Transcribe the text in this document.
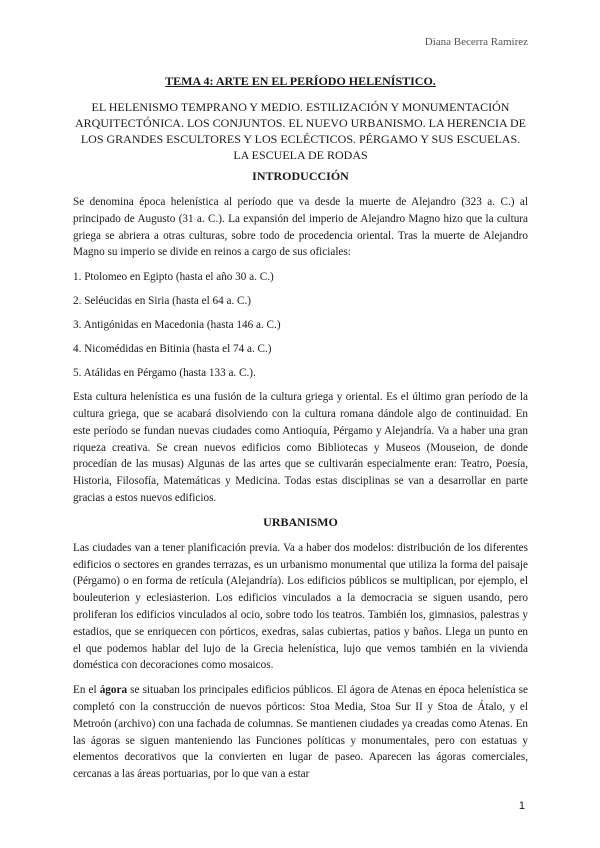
Diana Becerra Ramírez
TEMA 4: ARTE EN EL PERÍODO HELENÍSTICO.
EL HELENISMO TEMPRANO Y MEDIO. ESTILIZACIÓN Y MONUMENTACIÓN ARQUITECTÓNICA. LOS CONJUNTOS. EL NUEVO URBANISMO. LA HERENCIA DE LOS GRANDES ESCULTORES Y LOS ECLÉCTICOS. PÉRGAMO Y SUS ESCUELAS. LA ESCUELA DE RODAS
INTRODUCCIÓN

Se denomina época helenística al período que va desde la muerte de Alejandro (323 a. C.) al principado de Augusto (31 a. C.). La expansión del imperio de Alejandro Magno hizo que la cultura griega se abriera a otras culturas, sobre todo de procedencia oriental. Tras la muerte de Alejandro Magno su imperio se divide en reinos a cargo de sus oficiales:

1. Ptolomeo en Egipto (hasta el año 30 a. C.)
2. Seléucidas en Siria (hasta el 64 a. C.)
3. Antigónidas en Macedonia (hasta 146 a. C.)
4. Nicomédidas en Bitinia (hasta el 74 a. C.)
5. Atálidas en Pérgamo (hasta 133 a. C.).

Esta cultura helenística es una fusión de la cultura griega y oriental. Es el último gran período de la cultura griega, que se acabará disolviendo con la cultura romana dándole algo de continuidad. En este período se fundan nuevas ciudades como Antioquía, Pérgamo y Alejandría. Va a haber una gran riqueza creativa. Se crean nuevos edificios como Bibliotecas y Museos (Mouseion, de donde procedían de las musas) Algunas de las artes que se cultivarán especialmente eran: Teatro, Poesía, Historia, Filosofía, Matemáticas y Medicina. Todas estas disciplinas se van a desarrollar en parte gracias a estos nuevos edificios.

URBANISMO

Las ciudades van a tener planificación previa. Va a haber dos modelos: distribución de los diferentes edificios o sectores en grandes terrazas, es un urbanismo monumental que utiliza la forma del paisaje (Pérgamo) o en forma de retícula (Alejandría). Los edificios públicos se multiplican, por ejemplo, el bouleuterion y eclesiasterion. Los edificios vinculados a la democracia se siguen usando, pero proliferan los edificios vinculados al ocio, sobre todo los teatros. También los, gimnasios, palestras y estadios, que se enriquecen con pórticos, exedras, salas cubiertas, patios y baños. Llega un punto en el que podemos hablar del lujo de la Grecia helenística, lujo que vemos también en la vivienda doméstica con decoraciones como mosaicos.

En el ágora se situaban los principales edificios públicos. El ágora de Atenas en época helenística se completó con la construcción de nuevos pórticos: Stoa Media, Stoa Sur II y Stoa de Átalo, y el Metroón (archivo) con una fachada de columnas. Se mantienen ciudades ya creadas como Atenas. En las ágoras se siguen manteniendo las Funciones políticas y monumentales, pero con estatuas y elementos decorativos que la convierten en lugar de paseo. Aparecen las ágoras comerciales, cercanas a las áreas portuarias, por lo que van a estar

1
